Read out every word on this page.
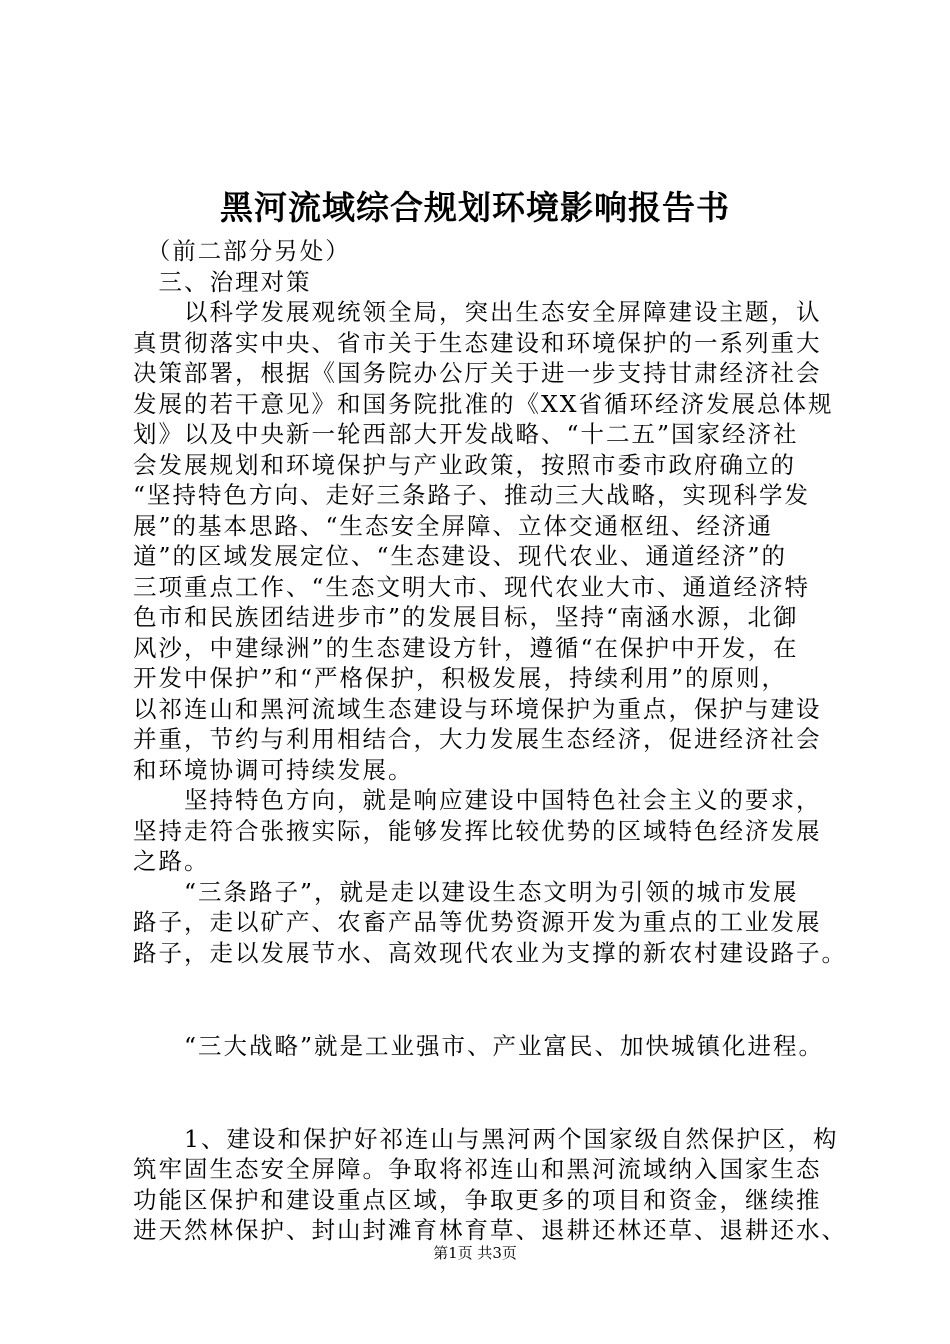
黑河流域综合规划环境影响报告书

　（前二部分另处）

　三、治理对策

　　以科学发展观统领全局，突出生态安全屏障建设主题，认

真贯彻落实中央、省市关于生态建设和环境保护的一系列重大

决策部署，根据《国务院办公厅关于进一步支持甘肃经济社会

发展的若干意见》和国务院批准的《XX省循环经济发展总体规

划》以及中央新一轮西部大开发战略、“十二五”国家经济社

会发展规划和环境保护与产业政策，按照市委市政府确立的

“坚持特色方向、走好三条路子、推动三大战略，实现科学发

展”的基本思路、“生态安全屏障、立体交通枢纽、经济通

道”的区域发展定位、“生态建设、现代农业、通道经济”的

三项重点工作、“生态文明大市、现代农业大市、通道经济特

色市和民族团结进步市”的发展目标，坚持“南涵水源，北御

风沙，中建绿洲”的生态建设方针，遵循“在保护中开发，在

开发中保护”和“严格保护，积极发展，持续利用”的原则，

以祁连山和黑河流域生态建设与环境保护为重点，保护与建设

并重，节约与利用相结合，大力发展生态经济，促进经济社会

和环境协调可持续发展。

　　坚持特色方向，就是响应建设中国特色社会主义的要求，

坚持走符合张掖实际，能够发挥比较优势的区域特色经济发展

之路。

　　“三条路子”，就是走以建设生态文明为引领的城市发展

路子，走以矿产、农畜产品等优势资源开发为重点的工业发展

路子，走以发展节水、高效现代农业为支撑的新农村建设路子。

　　“三大战略”就是工业强市、产业富民、加快城镇化进程。

　　1、建设和保护好祁连山与黑河两个国家级自然保护区，构

筑牢固生态安全屏障。争取将祁连山和黑河流域纳入国家生态

功能区保护和建设重点区域，争取更多的项目和资金，继续推

进天然林保护、封山封滩育林育草、退耕还林还草、退耕还水、

第1页 共3页
